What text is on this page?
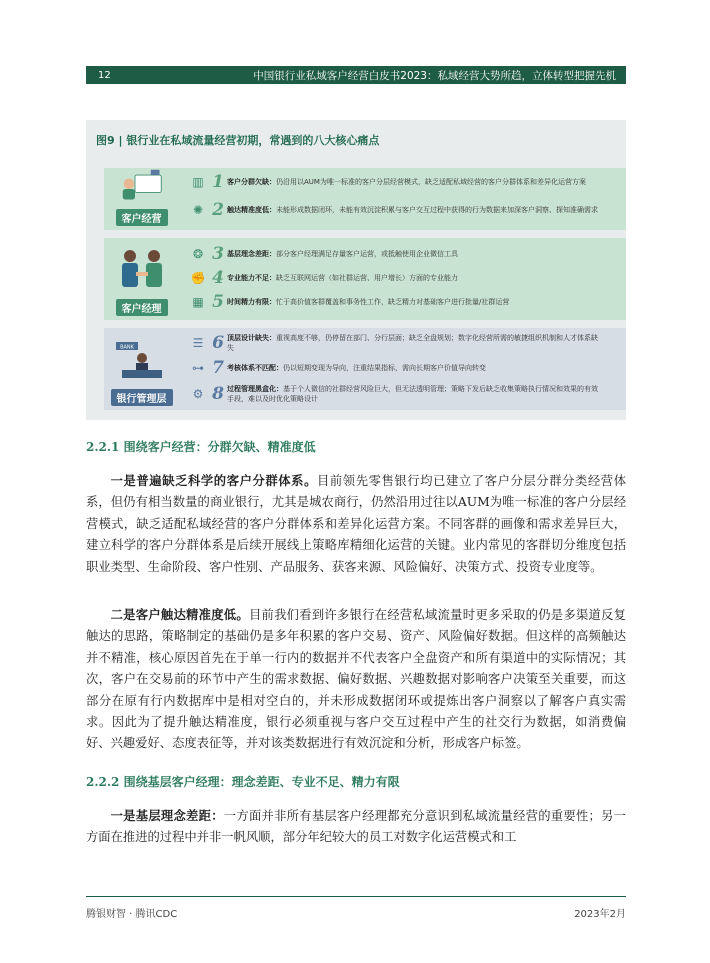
12	中国银行业私域客户经营白皮书2023：私域经营大势所趋，立体转型把握先机
图9 | 银行业在私域流量经营初期，常遇到的八大核心痛点
客户经营
▥ 1 客户分群欠缺：仍沿用以AUM为唯一标准的客户分层经营模式，缺乏适配私域经营的客户分群体系和差异化运营方案
✺ 2 触达精准度低：未能形成数据闭环，未能有效沉淀积累与客户交互过程中获得的行为数据来加深客户洞察、探知准确需求
客户经理
❂ 3 基层理念差距：部分客户经理满足存量客户运营，或抵触使用企业微信工具
✊ 4 专业能力不足：缺乏互联网运营（如社群运营、用户增长）方面的专业能力
▦ 5 时间精力有限：忙于高价值客群覆盖和事务性工作，缺乏精力对基础客户进行批量/社群运营
BANK
银行管理层
☰ 6 顶层设计缺失：重视高度不够，仍停留在部门、分行层面；缺乏全盘规划；数字化经营所需的敏捷组织机制和人才体系缺失
⊶ 7 考核体系不匹配：仍以短期变现为导向，注重结果指标，需向长期客户价值导向转变
⚙ 8 过程管理黑盒化：基于个人微信的社群经营风险巨大，但无法透明管理；策略下发后缺乏收集策略执行情况和效果的有效手段，难以及时优化策略设计
2.2.1 围绕客户经营：分群欠缺、精准度低

一是普遍缺乏科学的客户分群体系。目前领先零售银行均已建立了客户分层分群分类经营体系，但仍有相当数量的商业银行，尤其是城农商行，仍然沿用过往以AUM为唯一标准的客户分层经营模式，缺乏适配私域经营的客户分群体系和差异化运营方案。不同客群的画像和需求差异巨大，建立科学的客户分群体系是后续开展线上策略库精细化运营的关键。业内常见的客群切分维度包括职业类型、生命阶段、客户性别、产品服务、获客来源、风险偏好、决策方式、投资专业度等。

二是客户触达精准度低。目前我们看到许多银行在经营私域流量时更多采取的仍是多渠道反复触达的思路，策略制定的基础仍是多年积累的客户交易、资产、风险偏好数据。但这样的高频触达并不精准，核心原因首先在于单一行内的数据并不代表客户全盘资产和所有渠道中的实际情况；其次，客户在交易前的环节中产生的需求数据、偏好数据、兴趣数据对影响客户决策至关重要，而这部分在原有行内数据库中是相对空白的，并未形成数据闭环或提炼出客户洞察以了解客户真实需求。因此为了提升触达精准度，银行必须重视与客户交互过程中产生的社交行为数据，如消费偏好、兴趣爱好、态度表征等，并对该类数据进行有效沉淀和分析，形成客户标签。

2.2.2 围绕基层客户经理：理念差距、专业不足、精力有限

一是基层理念差距：一方面并非所有基层客户经理都充分意识到私域流量经营的重要性；另一方面在推进的过程中并非一帆风顺，部分年纪较大的员工对数字化运营模式和工

腾银财智 · 腾讯CDC	2023年2月
